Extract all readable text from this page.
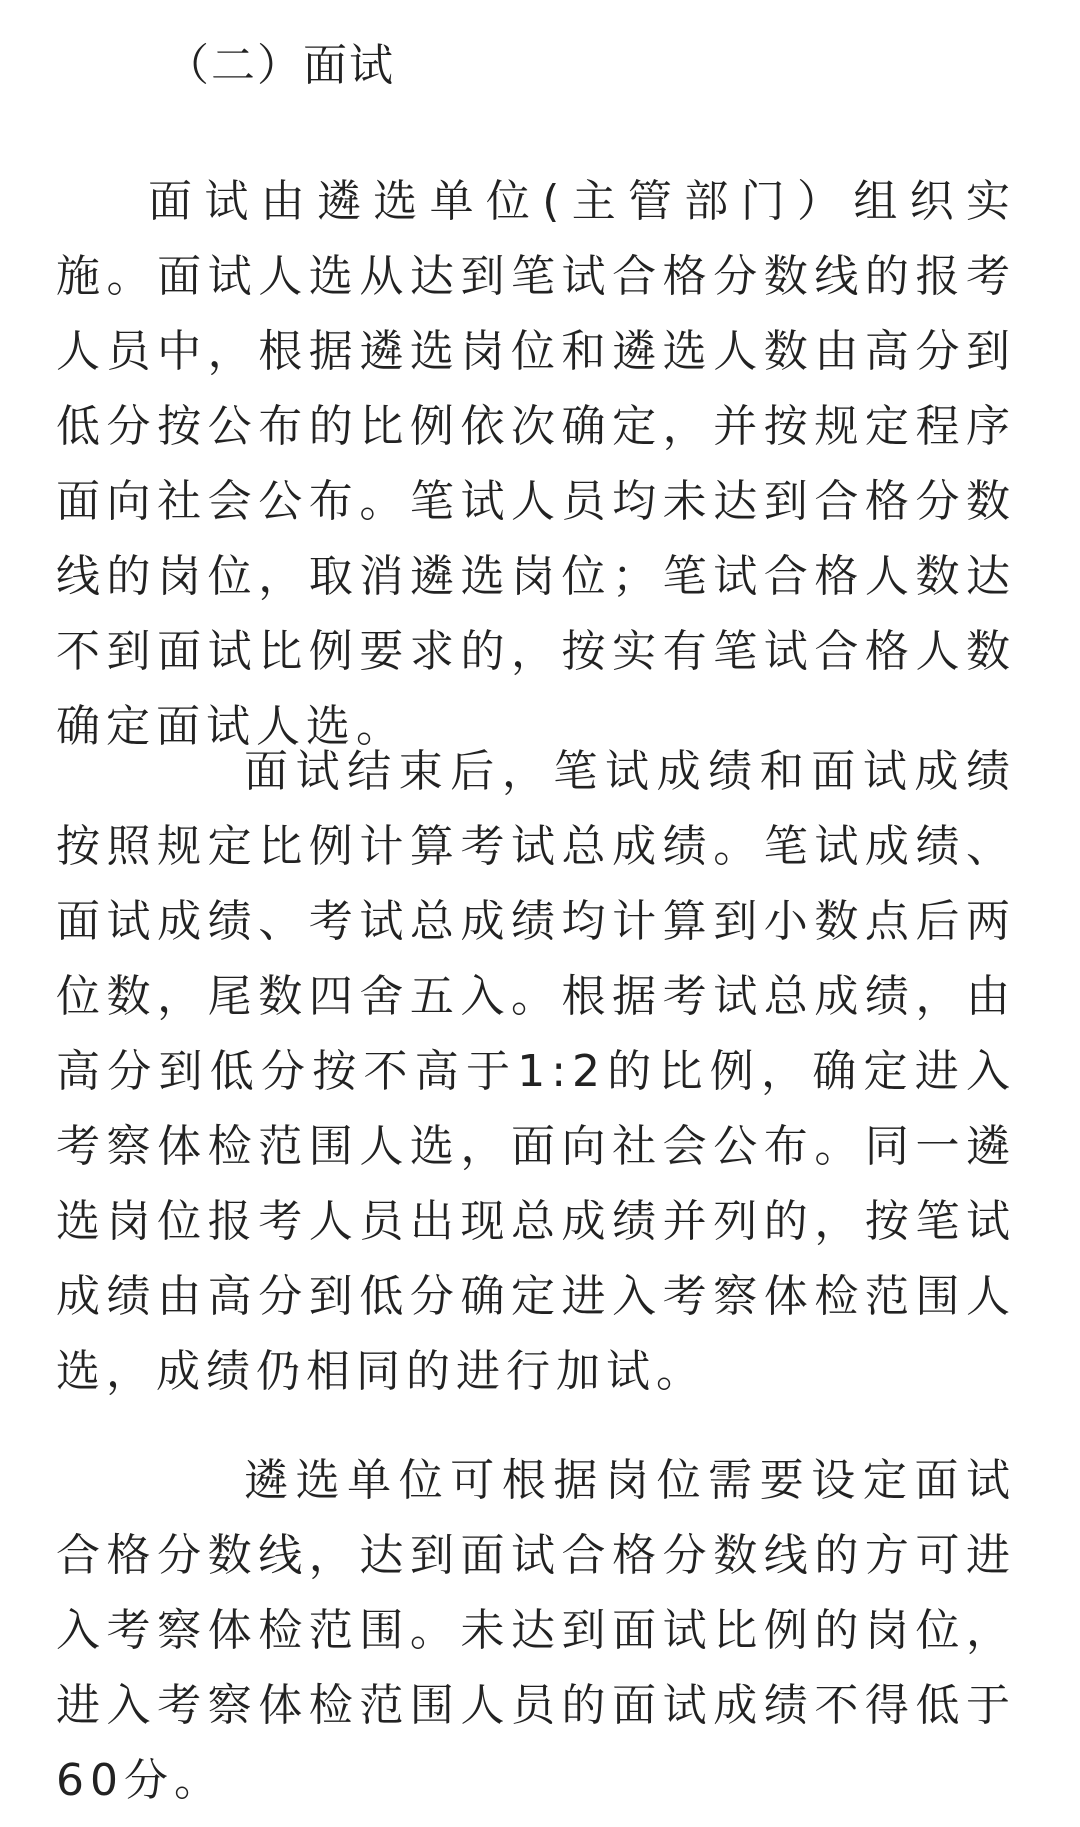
（二）面试

面试由遴选单位(主管部门）组织实施。面试人选从达到笔试合格分数线的报考人员中，根据遴选岗位和遴选人数由高分到低分按公布的比例依次确定，并按规定程序面向社会公布。笔试人员均未达到合格分数线的岗位，取消遴选岗位；笔试合格人数达不到面试比例要求的，按实有笔试合格人数确定面试人选。

面试结束后，笔试成绩和面试成绩按照规定比例计算考试总成绩。笔试成绩、面试成绩、考试总成绩均计算到小数点后两位数，尾数四舍五入。根据考试总成绩，由高分到低分按不高于1:2的比例，确定进入考察体检范围人选，面向社会公布。同一遴选岗位报考人员出现总成绩并列的，按笔试成绩由高分到低分确定进入考察体检范围人选，成绩仍相同的进行加试。

遴选单位可根据岗位需要设定面试合格分数线，达到面试合格分数线的方可进入考察体检范围。未达到面试比例的岗位，进入考察体检范围人员的面试成绩不得低于60分。
